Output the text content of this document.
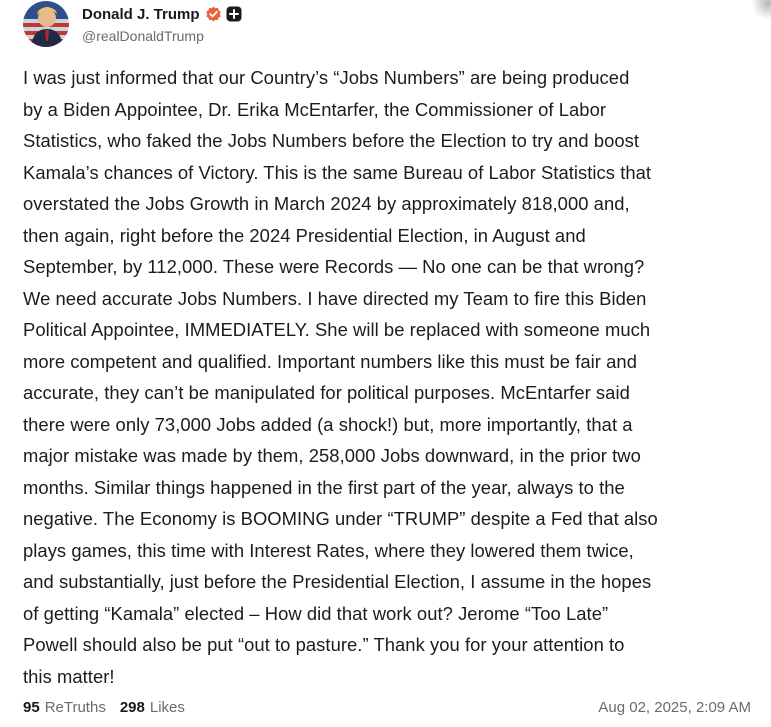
Donald J. Trump
@realDonaldTrump
I was just informed that our Country’s “Jobs Numbers” are being produced
by a Biden Appointee, Dr. Erika McEntarfer, the Commissioner of Labor
Statistics, who faked the Jobs Numbers before the Election to try and boost
Kamala’s chances of Victory. This is the same Bureau of Labor Statistics that
overstated the Jobs Growth in March 2024 by approximately 818,000 and,
then again, right before the 2024 Presidential Election, in August and
September, by 112,000. These were Records — No one can be that wrong?
We need accurate Jobs Numbers. I have directed my Team to fire this Biden
Political Appointee, IMMEDIATELY. She will be replaced with someone much
more competent and qualified. Important numbers like this must be fair and
accurate, they can’t be manipulated for political purposes. McEntarfer said
there were only 73,000 Jobs added (a shock!) but, more importantly, that a
major mistake was made by them, 258,000 Jobs downward, in the prior two
months. Similar things happened in the first part of the year, always to the
negative. The Economy is BOOMING under “TRUMP” despite a Fed that also
plays games, this time with Interest Rates, where they lowered them twice,
and substantially, just before the Presidential Election, I assume in the hopes
of getting “Kamala” elected – How did that work out? Jerome “Too Late”
Powell should also be put “out to pasture.” Thank you for your attention to
this matter!
95 ReTruths 298 Likes	Aug 02, 2025, 2:09 AM
